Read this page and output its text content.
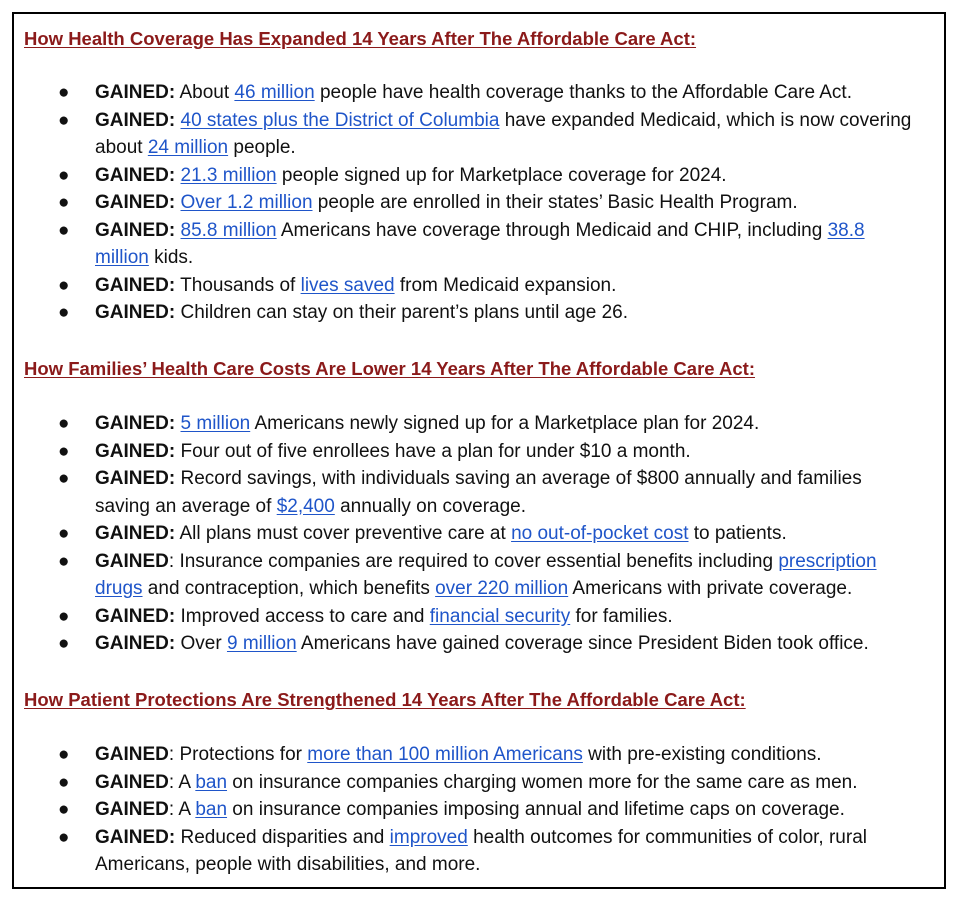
How Health Coverage Has Expanded 14 Years After The Affordable Care Act:
● GAINED: About 46 million people have health coverage thanks to the Affordable Care Act.
● GAINED: 40 states plus the District of Columbia have expanded Medicaid, which is now covering about 24 million people.
● GAINED: 21.3 million people signed up for Marketplace coverage for 2024.
● GAINED: Over 1.2 million people are enrolled in their states’ Basic Health Program.
● GAINED: 85.8 million Americans have coverage through Medicaid and CHIP, including 38.8 million kids.
● GAINED: Thousands of lives saved from Medicaid expansion.
● GAINED: Children can stay on their parent’s plans until age 26.
How Families’ Health Care Costs Are Lower 14 Years After The Affordable Care Act:
● GAINED: 5 million Americans newly signed up for a Marketplace plan for 2024.
● GAINED: Four out of five enrollees have a plan for under $10 a month.
● GAINED: Record savings, with individuals saving an average of $800 annually and families saving an average of $2,400 annually on coverage.
● GAINED: All plans must cover preventive care at no out-of-pocket cost to patients.
● GAINED: Insurance companies are required to cover essential benefits including prescription drugs and contraception, which benefits over 220 million Americans with private coverage.
● GAINED: Improved access to care and financial security for families.
● GAINED: Over 9 million Americans have gained coverage since President Biden took office.
How Patient Protections Are Strengthened 14 Years After The Affordable Care Act:
● GAINED: Protections for more than 100 million Americans with pre-existing conditions.
● GAINED: A ban on insurance companies charging women more for the same care as men.
● GAINED: A ban on insurance companies imposing annual and lifetime caps on coverage.
● GAINED: Reduced disparities and improved health outcomes for communities of color, rural Americans, people with disabilities, and more.
